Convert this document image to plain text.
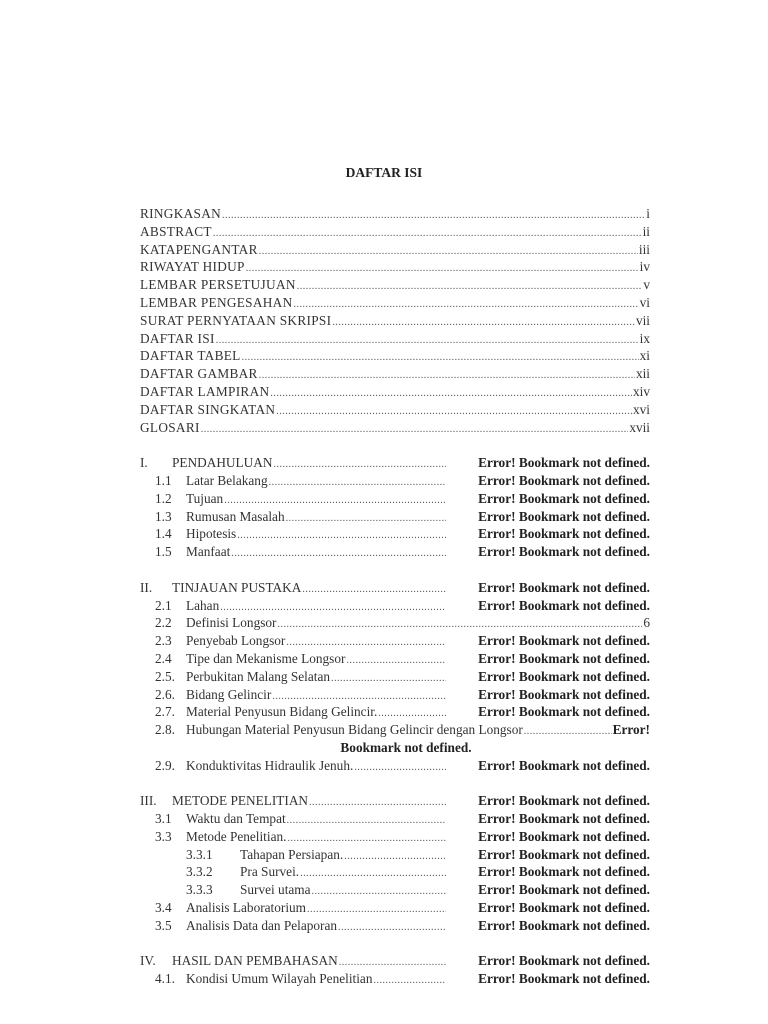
DAFTAR ISI
RINGKASAN .....	i
ABSTRACT .....	ii
KATAPENGANTAR .....	iii
RIWAYAT HIDUP .....	iv
LEMBAR PERSETUJUAN .....	v
LEMBAR PENGESAHAN .....	vi
SURAT PERNYATAAN SKRIPSI .....	vii
DAFTAR ISI .....	ix
DAFTAR TABEL .....	xi
DAFTAR GAMBAR .....	xii
DAFTAR LAMPIRAN .....	xiv
DAFTAR SINGKATAN .....	xvi
GLOSARI .....	xvii
I.	PENDAHULUAN .....	Error! Bookmark not defined.
1.1	Latar Belakang .....	Error! Bookmark not defined.
1.2	Tujuan .....	Error! Bookmark not defined.
1.3	Rumusan Masalah .....	Error! Bookmark not defined.
1.4	Hipotesis .....	Error! Bookmark not defined.
1.5	Manfaat .....	Error! Bookmark not defined.
II.	TINJAUAN PUSTAKA .....	Error! Bookmark not defined.
2.1	Lahan .....	Error! Bookmark not defined.
2.2	Definisi Longsor .....	6
2.3	Penyebab Longsor .....	Error! Bookmark not defined.
2.4	Tipe dan Mekanisme Longsor .....	Error! Bookmark not defined.
2.5. Perbukitan Malang Selatan .....	Error! Bookmark not defined.
2.6. Bidang Gelincir .....	Error! Bookmark not defined.
2.7. Material Penyusun Bidang Gelincir. .....	Error! Bookmark not defined.
2.8. Hubungan Material Penyusun Bidang Gelincir dengan Longsor .....	Error!
Bookmark not defined.
2.9. Konduktivitas Hidraulik Jenuh. .....	Error! Bookmark not defined.
III.	METODE PENELITIAN .....	Error! Bookmark not defined.
3.1	Waktu dan Tempat .....	Error! Bookmark not defined.
3.3	Metode Penelitian. .....	Error! Bookmark not defined.
3.3.1	Tahapan Persiapan. .....	Error! Bookmark not defined.
3.3.2	Pra Survei. .....	Error! Bookmark not defined.
3.3.3	Survei utama .....	Error! Bookmark not defined.
3.4	Analisis Laboratorium .....	Error! Bookmark not defined.
3.5	Analisis Data dan Pelaporan .....	Error! Bookmark not defined.
IV.	HASIL DAN PEMBAHASAN .....	Error! Bookmark not defined.
4.1. Kondisi Umum Wilayah Penelitian .....	Error! Bookmark not defined.
